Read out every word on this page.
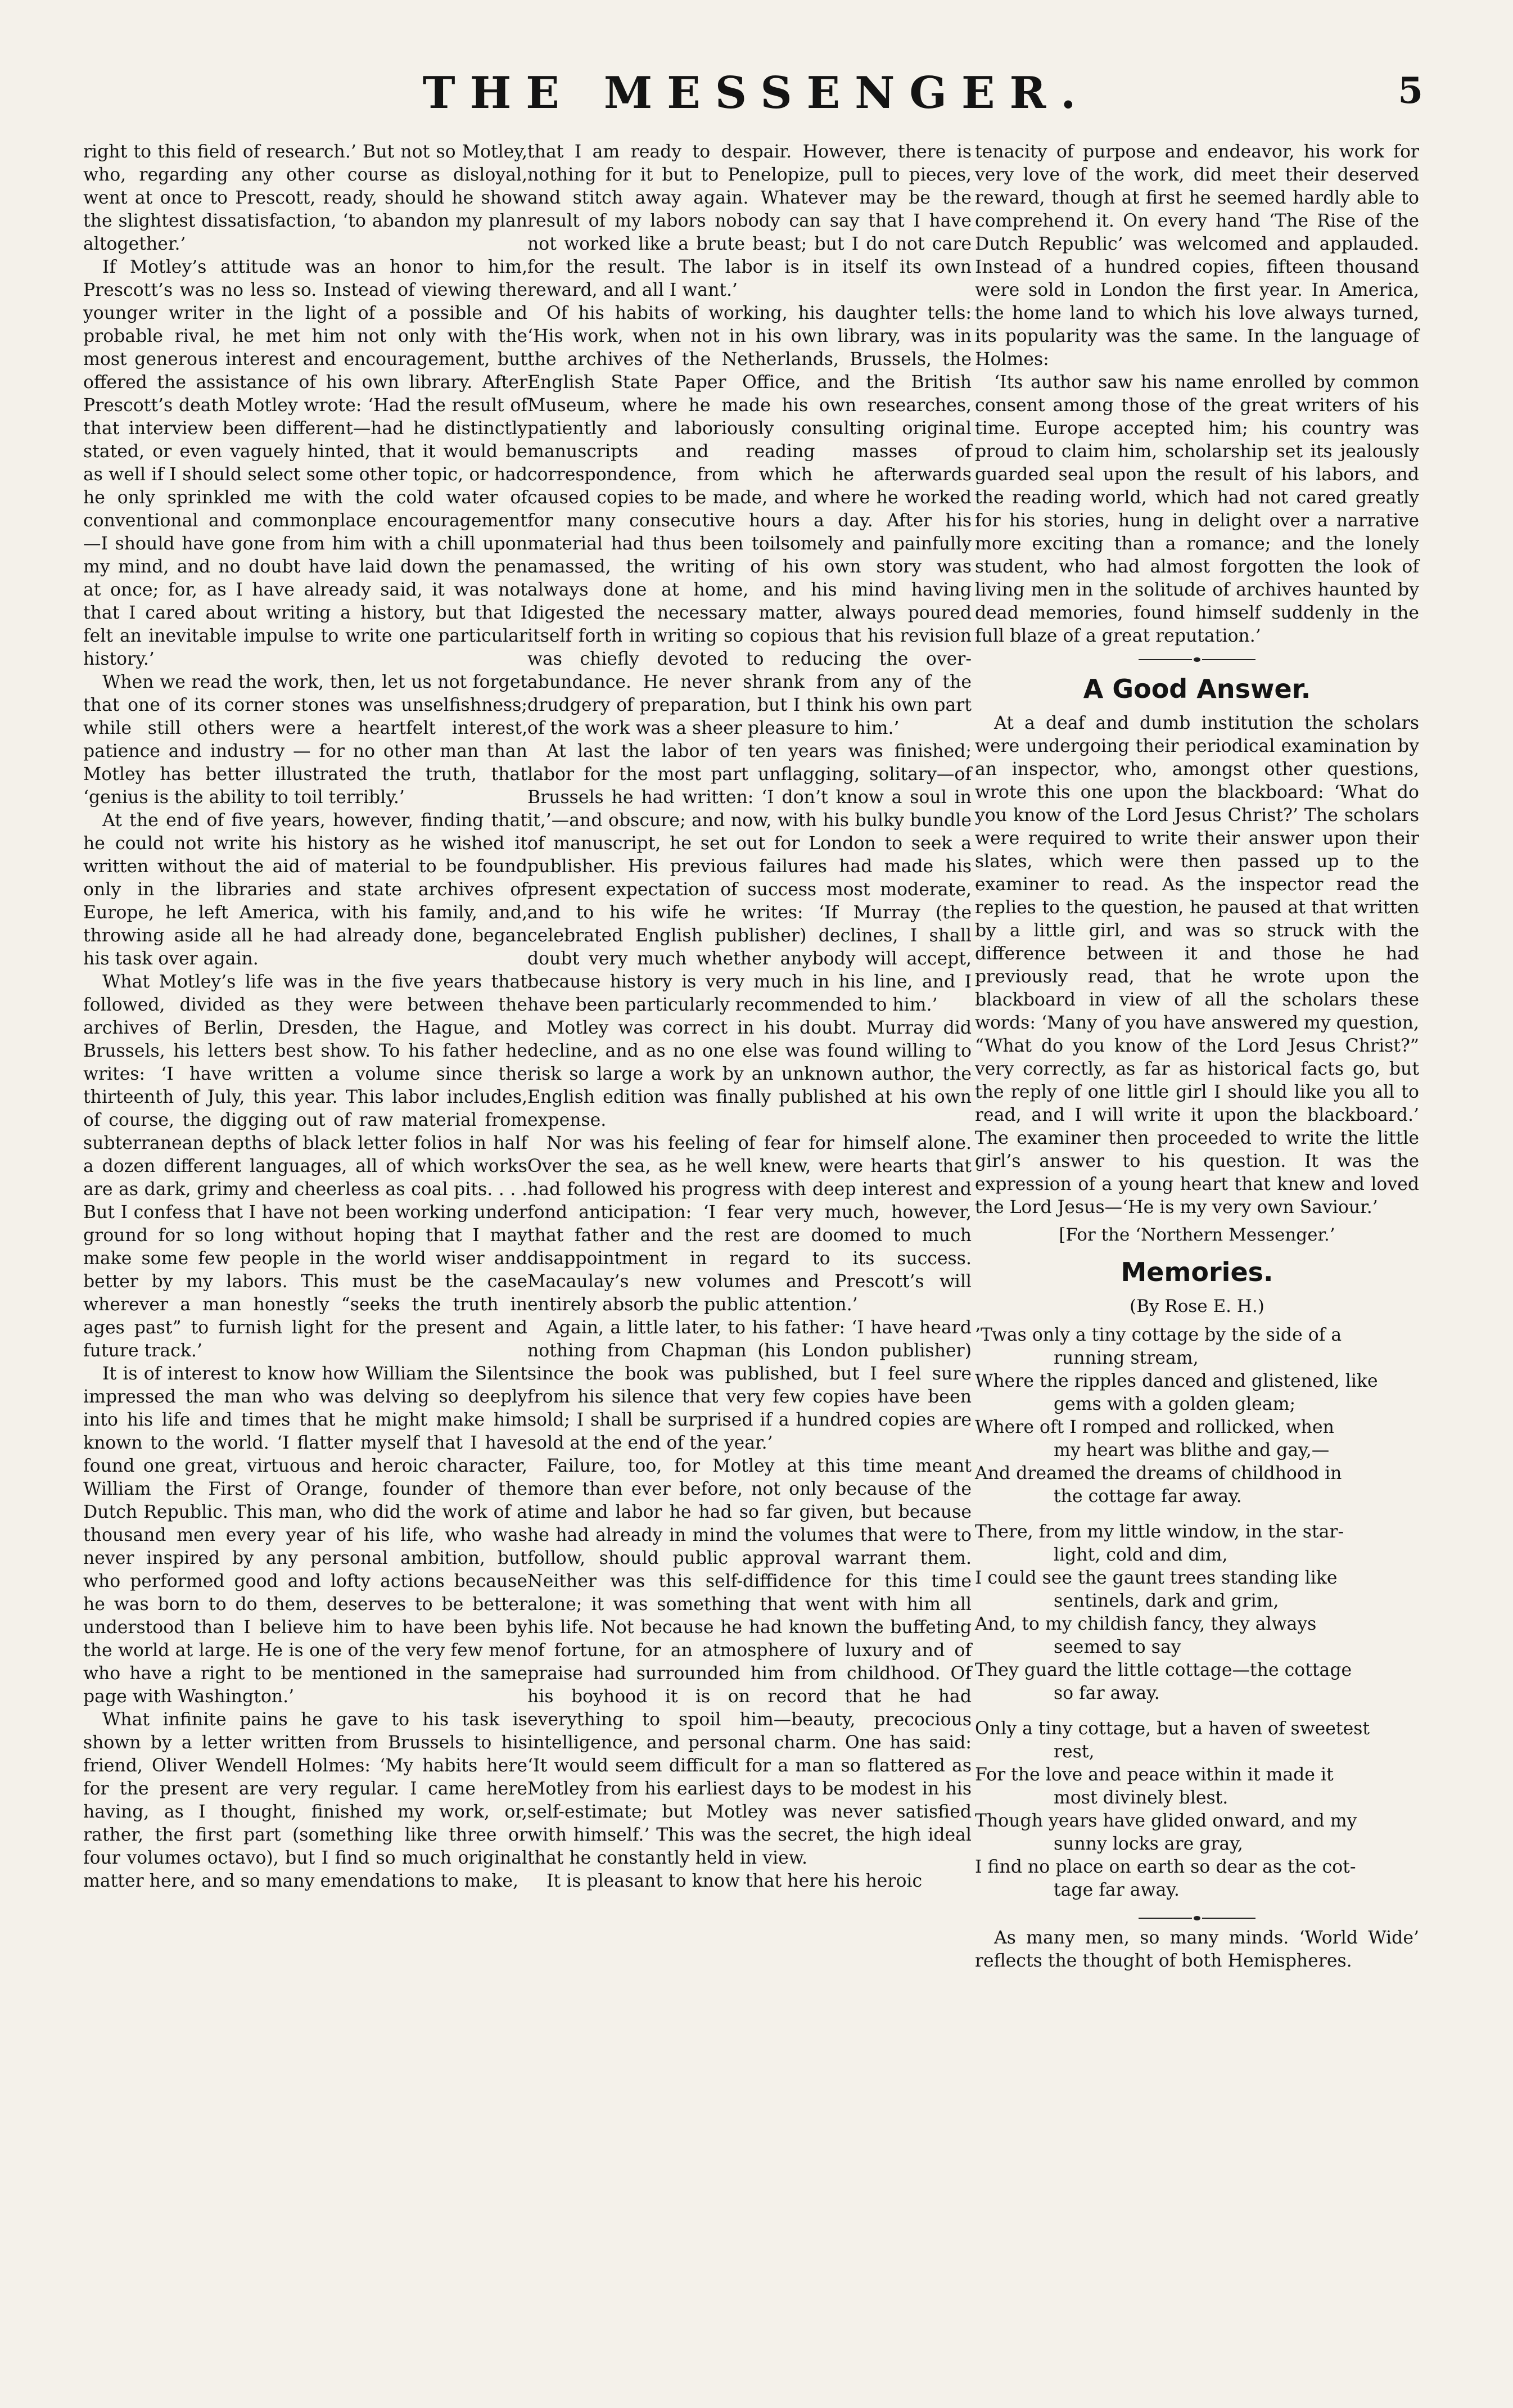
THE MESSENGER.	5

right to this field of research.’ But not so Motley, who, regarding any other course as disloyal, went at once to Prescott, ready, should he show the slightest dissatisfaction, ‘to abandon my plan altogether.’

If Motley’s attitude was an honor to him, Prescott’s was no less so. Instead of viewing the younger writer in the light of a possible and probable rival, he met him not only with the most generous interest and encouragement, but offered the assistance of his own library. After Prescott’s death Motley wrote: ‘Had the result of that interview been different—had he distinctly stated, or even vaguely hinted, that it would be as well if I should select some other topic, or had he only sprinkled me with the cold water of conventional and commonplace encouragement—I should have gone from him with a chill upon my mind, and no doubt have laid down the pen at once; for, as I have already said, it was not that I cared about writing a history, but that I felt an inevitable impulse to write one particular history.’

When we read the work, then, let us not forget that one of its corner stones was unselfishness; while still others were a heartfelt interest, patience and industry — for no other man than Motley has better illustrated the truth, that ‘genius is the ability to toil terribly.’

At the end of five years, however, finding that he could not write his history as he wished it written without the aid of material to be found only in the libraries and state archives of Europe, he left America, with his family, and, throwing aside all he had already done, began his task over again.

What Motley’s life was in the five years that followed, divided as they were between the archives of Berlin, Dresden, the Hague, and Brussels, his letters best show. To his father he writes: ‘I have written a volume since the thirteenth of July, this year. This labor includes, of course, the digging out of raw material from subterranean depths of black letter folios in half a dozen different languages, all of which works are as dark, grimy and cheerless as coal pits. . . . But I confess that I have not been working under ground for so long without hoping that I may make some few people in the world wiser and better by my labors. This must be the case wherever a man honestly “seeks the truth in ages past” to furnish light for the present and future track.’

It is of interest to know how William the Silent impressed the man who was delving so deeply into his life and times that he might make him known to the world. ‘I flatter myself that I have found one great, virtuous and heroic character, William the First of Orange, founder of the Dutch Republic. This man, who did the work of a thousand men every year of his life, who was never inspired by any personal ambition, but who performed good and lofty actions because he was born to do them, deserves to be better understood than I believe him to have been by the world at large. He is one of the very few men who have a right to be mentioned in the same page with Washington.’

What infinite pains he gave to his task is shown by a letter written from Brussels to his friend, Oliver Wendell Holmes: ‘My habits here for the present are very regular. I came here having, as I thought, finished my work, or, rather, the first part (something like three or four volumes octavo), but I find so much original matter here, and so many emendations to make,

that I am ready to despair. However, there is nothing for it but to Penelopize, pull to pieces, and stitch away again. Whatever may be the result of my labors nobody can say that I have not worked like a brute beast; but I do not care for the result. The labor is in itself its own reward, and all I want.’

Of his habits of working, his daughter tells: ‘His work, when not in his own library, was in the archives of the Netherlands, Brussels, the English State Paper Office, and the British Museum, where he made his own researches, patiently and laboriously consulting original manuscripts and reading masses of correspondence, from which he afterwards caused copies to be made, and where he worked for many consecutive hours a day. After his material had thus been toilsomely and painfully amassed, the writing of his own story was always done at home, and his mind having digested the necessary matter, always poured itself forth in writing so copious that his revision was chiefly devoted to reducing the over-abundance. He never shrank from any of the drudgery of preparation, but I think his own part of the work was a sheer pleasure to him.’

At last the labor of ten years was finished; labor for the most part unflagging, solitary—of Brussels he had written: ‘I don’t know a soul in it,’—and obscure; and now, with his bulky bundle of manuscript, he set out for London to seek a publisher. His previous failures had made his present expectation of success most moderate, and to his wife he writes: ‘If Murray (the celebrated English publisher) declines, I shall doubt very much whether anybody will accept, because history is very much in his line, and I have been particularly recommended to him.’

Motley was correct in his doubt. Murray did decline, and as no one else was found willing to risk so large a work by an unknown author, the English edition was finally published at his own expense.

Nor was his feeling of fear for himself alone. Over the sea, as he well knew, were hearts that had followed his progress with deep interest and fond anticipation: ‘I fear very much, however, that father and the rest are doomed to much disappointment in regard to its success. Macaulay’s new volumes and Prescott’s will entirely absorb the public attention.’

Again, a little later, to his father: ‘I have heard nothing from Chapman (his London publisher) since the book was published, but I feel sure from his silence that very few copies have been sold; I shall be surprised if a hundred copies are sold at the end of the year.’

Failure, too, for Motley at this time meant more than ever before, not only because of the time and labor he had so far given, but because he had already in mind the volumes that were to follow, should public approval warrant them. Neither was this self-diffidence for this time alone; it was something that went with him all his life. Not because he had known the buffeting of fortune, for an atmosphere of luxury and of praise had surrounded him from childhood. Of his boyhood it is on record that he had everything to spoil him—beauty, precocious intelligence, and personal charm. One has said: ‘It would seem difficult for a man so flattered as Motley from his earliest days to be modest in his self-estimate; but Motley was never satisfied with himself.’ This was the secret, the high ideal that he constantly held in view.

It is pleasant to know that here his heroic

tenacity of purpose and endeavor, his work for very love of the work, did meet their deserved reward, though at first he seemed hardly able to comprehend it. On every hand ‘The Rise of the Dutch Republic’ was welcomed and applauded. Instead of a hundred copies, fifteen thousand were sold in London the first year. In America, the home land to which his love always turned, its popularity was the same. In the language of Holmes:

‘Its author saw his name enrolled by common consent among those of the great writers of his time. Europe accepted him; his country was proud to claim him, scholarship set its jealously guarded seal upon the result of his labors, and the reading world, which had not cared greatly for his stories, hung in delight over a narrative more exciting than a romance; and the lonely student, who had almost forgotten the look of living men in the solitude of archives haunted by dead memories, found himself suddenly in the full blaze of a great reputation.’

A Good Answer.

At a deaf and dumb institution the scholars were undergoing their periodical examination by an inspector, who, amongst other questions, wrote this one upon the blackboard: ‘What do you know of the Lord Jesus Christ?’ The scholars were required to write their answer upon their slates, which were then passed up to the examiner to read. As the inspector read the replies to the question, he paused at that written by a little girl, and was so struck with the difference between it and those he had previously read, that he wrote upon the blackboard in view of all the scholars these words: ‘Many of you have answered my question, “What do you know of the Lord Jesus Christ?” very correctly, as far as historical facts go, but the reply of one little girl I should like you all to read, and I will write it upon the blackboard.’ The examiner then proceeded to write the little girl’s answer to his question. It was the expression of a young heart that knew and loved the Lord Jesus—‘He is my very own Saviour.’

[For the ‘Northern Messenger.’
Memories.
(By Rose E. H.)

’Twas only a tiny cottage by the side of a

running stream,

Where the ripples danced and glistened, like

gems with a golden gleam;

Where oft I romped and rollicked, when

my heart was blithe and gay,—

And dreamed the dreams of childhood in

the cottage far away.

There, from my little window, in the star-

light, cold and dim,

I could see the gaunt trees standing like

sentinels, dark and grim,

And, to my childish fancy, they always

seemed to say

They guard the little cottage—the cottage

so far away.

Only a tiny cottage, but a haven of sweetest

rest,

For the love and peace within it made it

most divinely blest.

Though years have glided onward, and my

sunny locks are gray,

I find no place on earth so dear as the cot-

tage far away.

As many men, so many minds. ‘World Wide’ reflects the thought of both Hemispheres.
